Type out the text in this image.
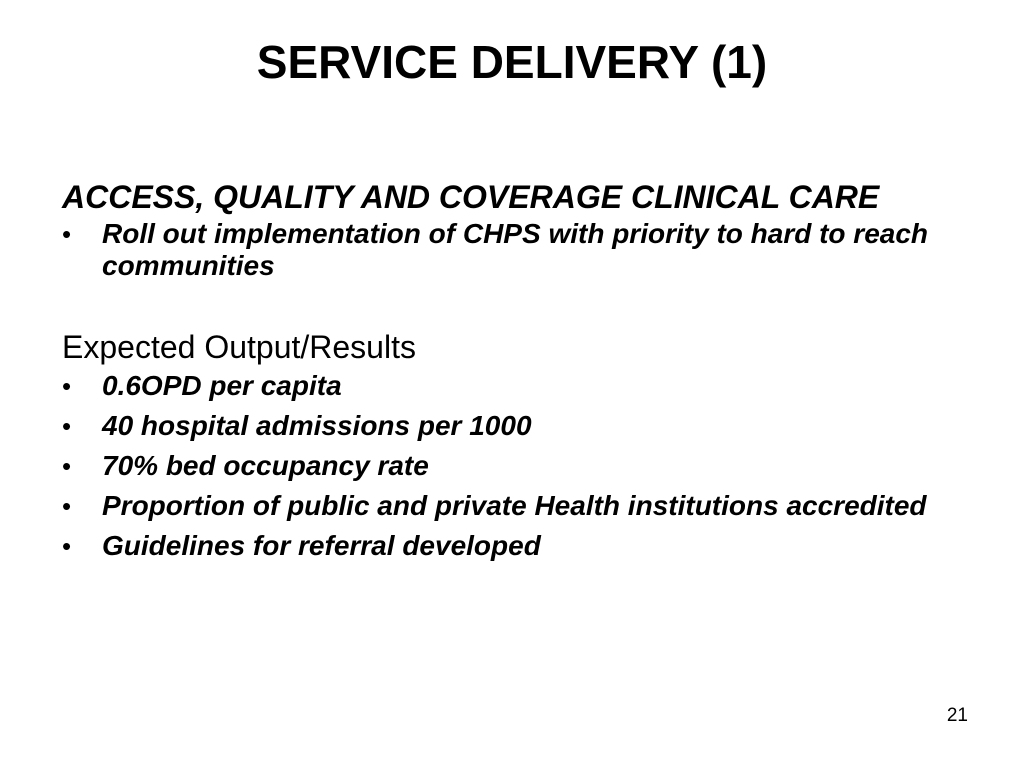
SERVICE DELIVERY (1)

ACCESS, QUALITY AND COVERAGE CLINICAL CARE

• Roll out implementation of CHPS with priority to hard to reach communities

Expected Output/Results

• 0.6OPD per capita
• 40 hospital admissions per 1000
• 70% bed occupancy rate
• Proportion of public and private Health institutions accredited
• Guidelines for referral developed
21
